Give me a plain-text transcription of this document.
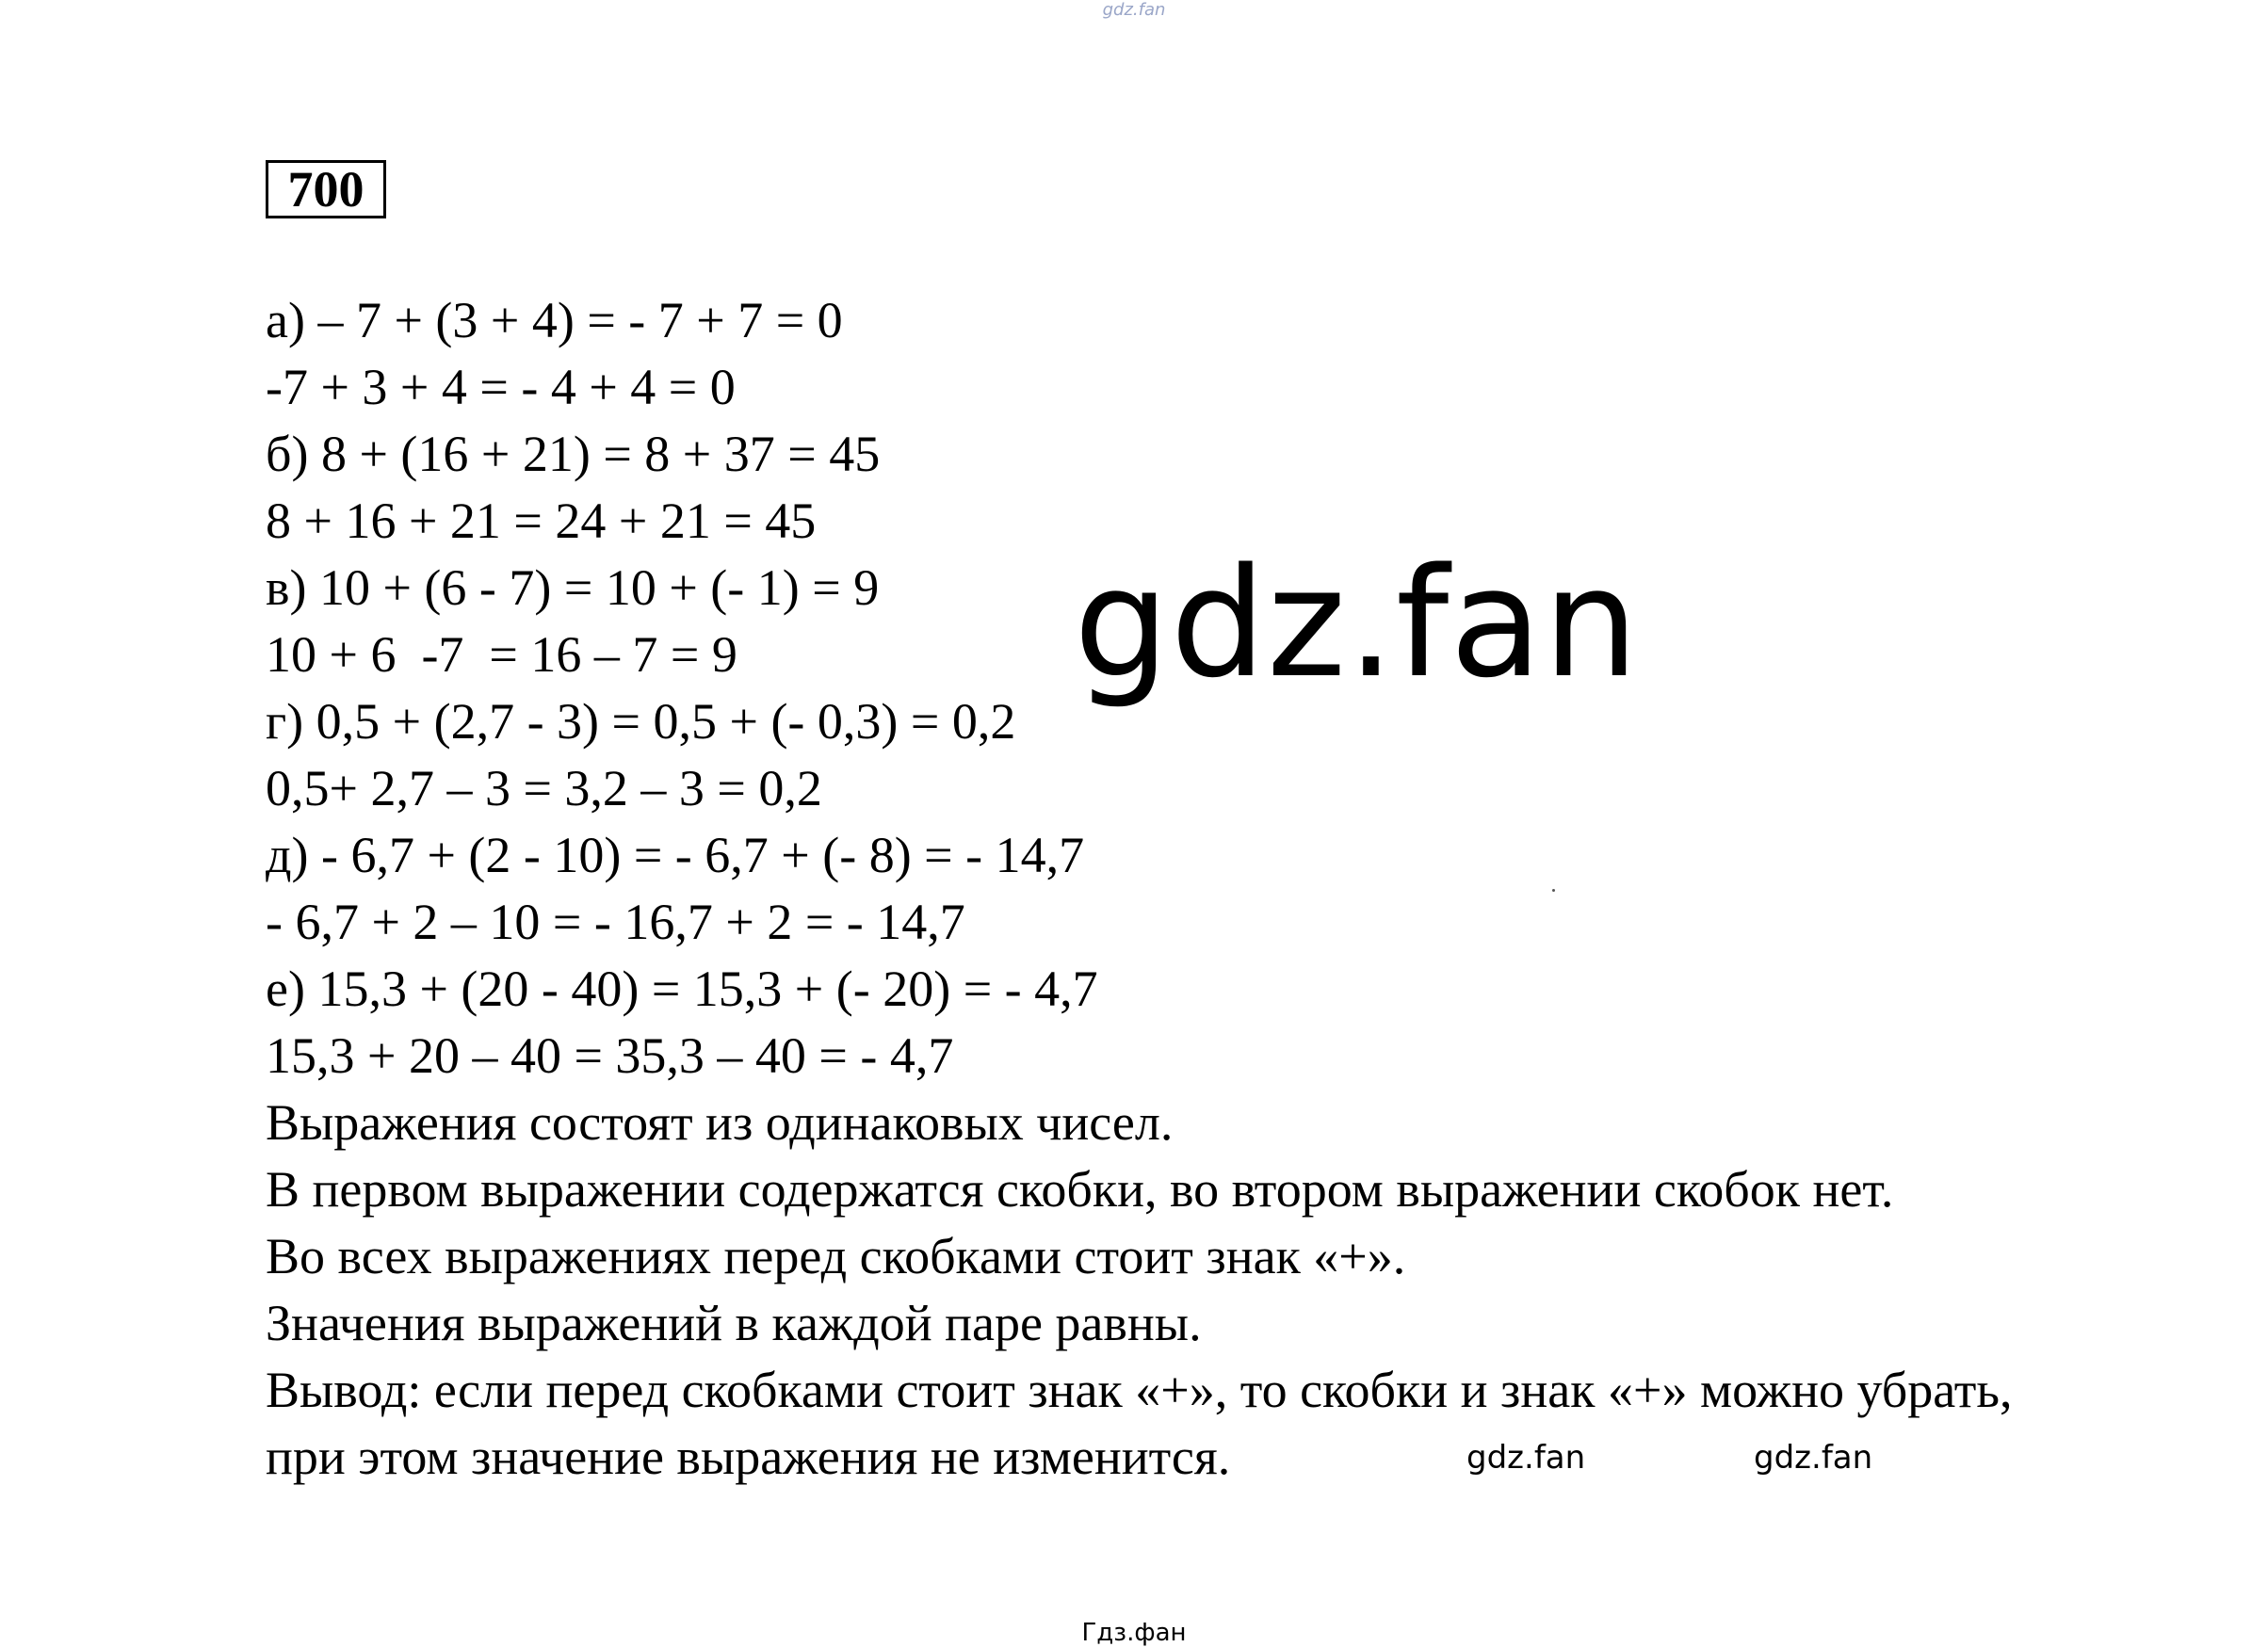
gdz.fan
700
а) – 7 + (3 + 4) = - 7 + 7 = 0
-7 + 3 + 4 = - 4 + 4 = 0
б) 8 + (16 + 21) = 8 + 37 = 45
8 + 16 + 21 = 24 + 21 = 45
в) 10 + (6 - 7) = 10 + (- 1) = 9
10 + 6  -7  = 16 – 7 = 9
г) 0,5 + (2,7 - 3) = 0,5 + (- 0,3) = 0,2
0,5+ 2,7 – 3 = 3,2 – 3 = 0,2
д) - 6,7 + (2 - 10) = - 6,7 + (- 8) = - 14,7
- 6,7 + 2 – 10 = - 16,7 + 2 = - 14,7
е) 15,3 + (20 - 40) = 15,3 + (- 20) = - 4,7
15,3 + 20 – 40 = 35,3 – 40 = - 4,7
Выражения состоят из одинаковых чисел.
В первом выражении содержатся скобки, во втором выражении скобок нет.
Во всех выражениях перед скобками стоит знак «+».
Значения выражений в каждой паре равны.
Вывод: если перед скобками стоит знак «+», то скобки и знак «+» можно убрать,
при этом значение выражения не изменится.
gdz.fan
gdz.fan	gdz.fan
Гдз.фан
